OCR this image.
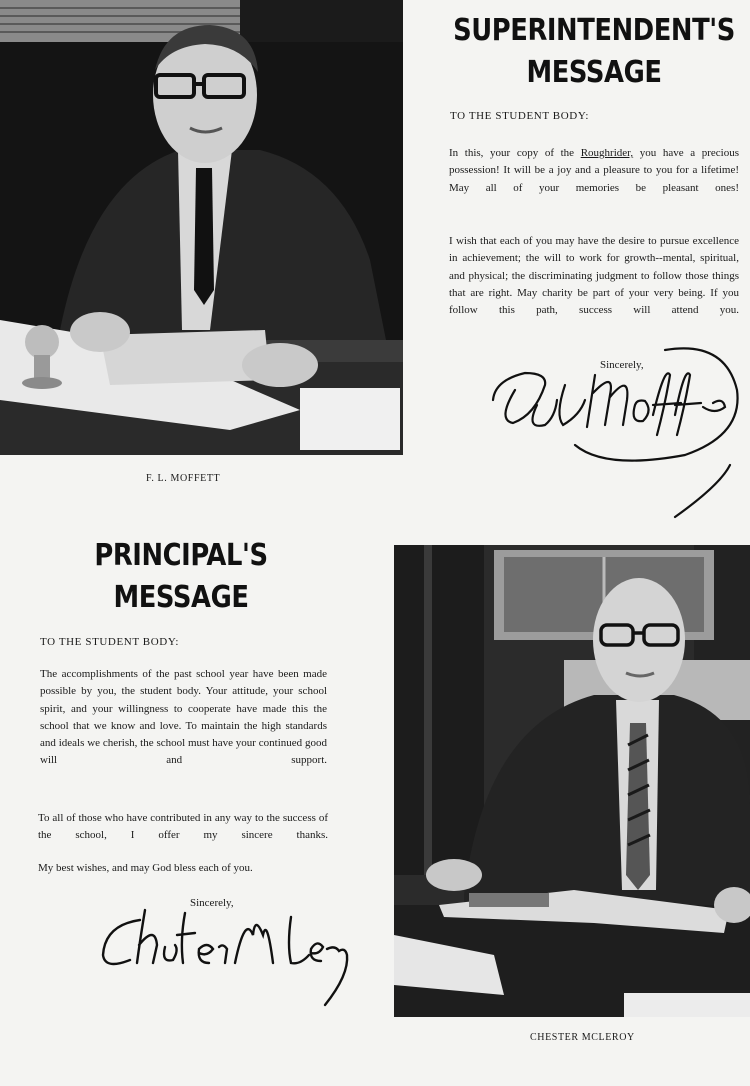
SUPERINTENDENT'S
MESSAGE

TO THE STUDENT BODY:

In this, your copy of the Roughrider, you have a precious possession! It will be a joy and a pleasure to you for a lifetime! May all of your memories be pleasant ones!

I wish that each of you may have the desire to pursue excellence in achievement; the will to work for growth--mental, spiritual, and physical; the discriminating judgment to follow those things that are right. May charity be part of your very being. If you follow this path, success will attend you.

Sincerely,

F. L. MOFFETT

PRINCIPAL'S
MESSAGE

TO THE STUDENT BODY:

The accomplishments of the past school year have been made possible by you, the student body. Your attitude, your school spirit, and your willingness to cooperate have made this the school that we know and love. To maintain the high standards and ideals we cherish, the school must have your continued good will and support.

To all of those who have contributed in any way to the success of the school, I offer my sincere thanks.

My best wishes, and may God bless each of you.

Sincerely,

CHESTER MCLEROY
